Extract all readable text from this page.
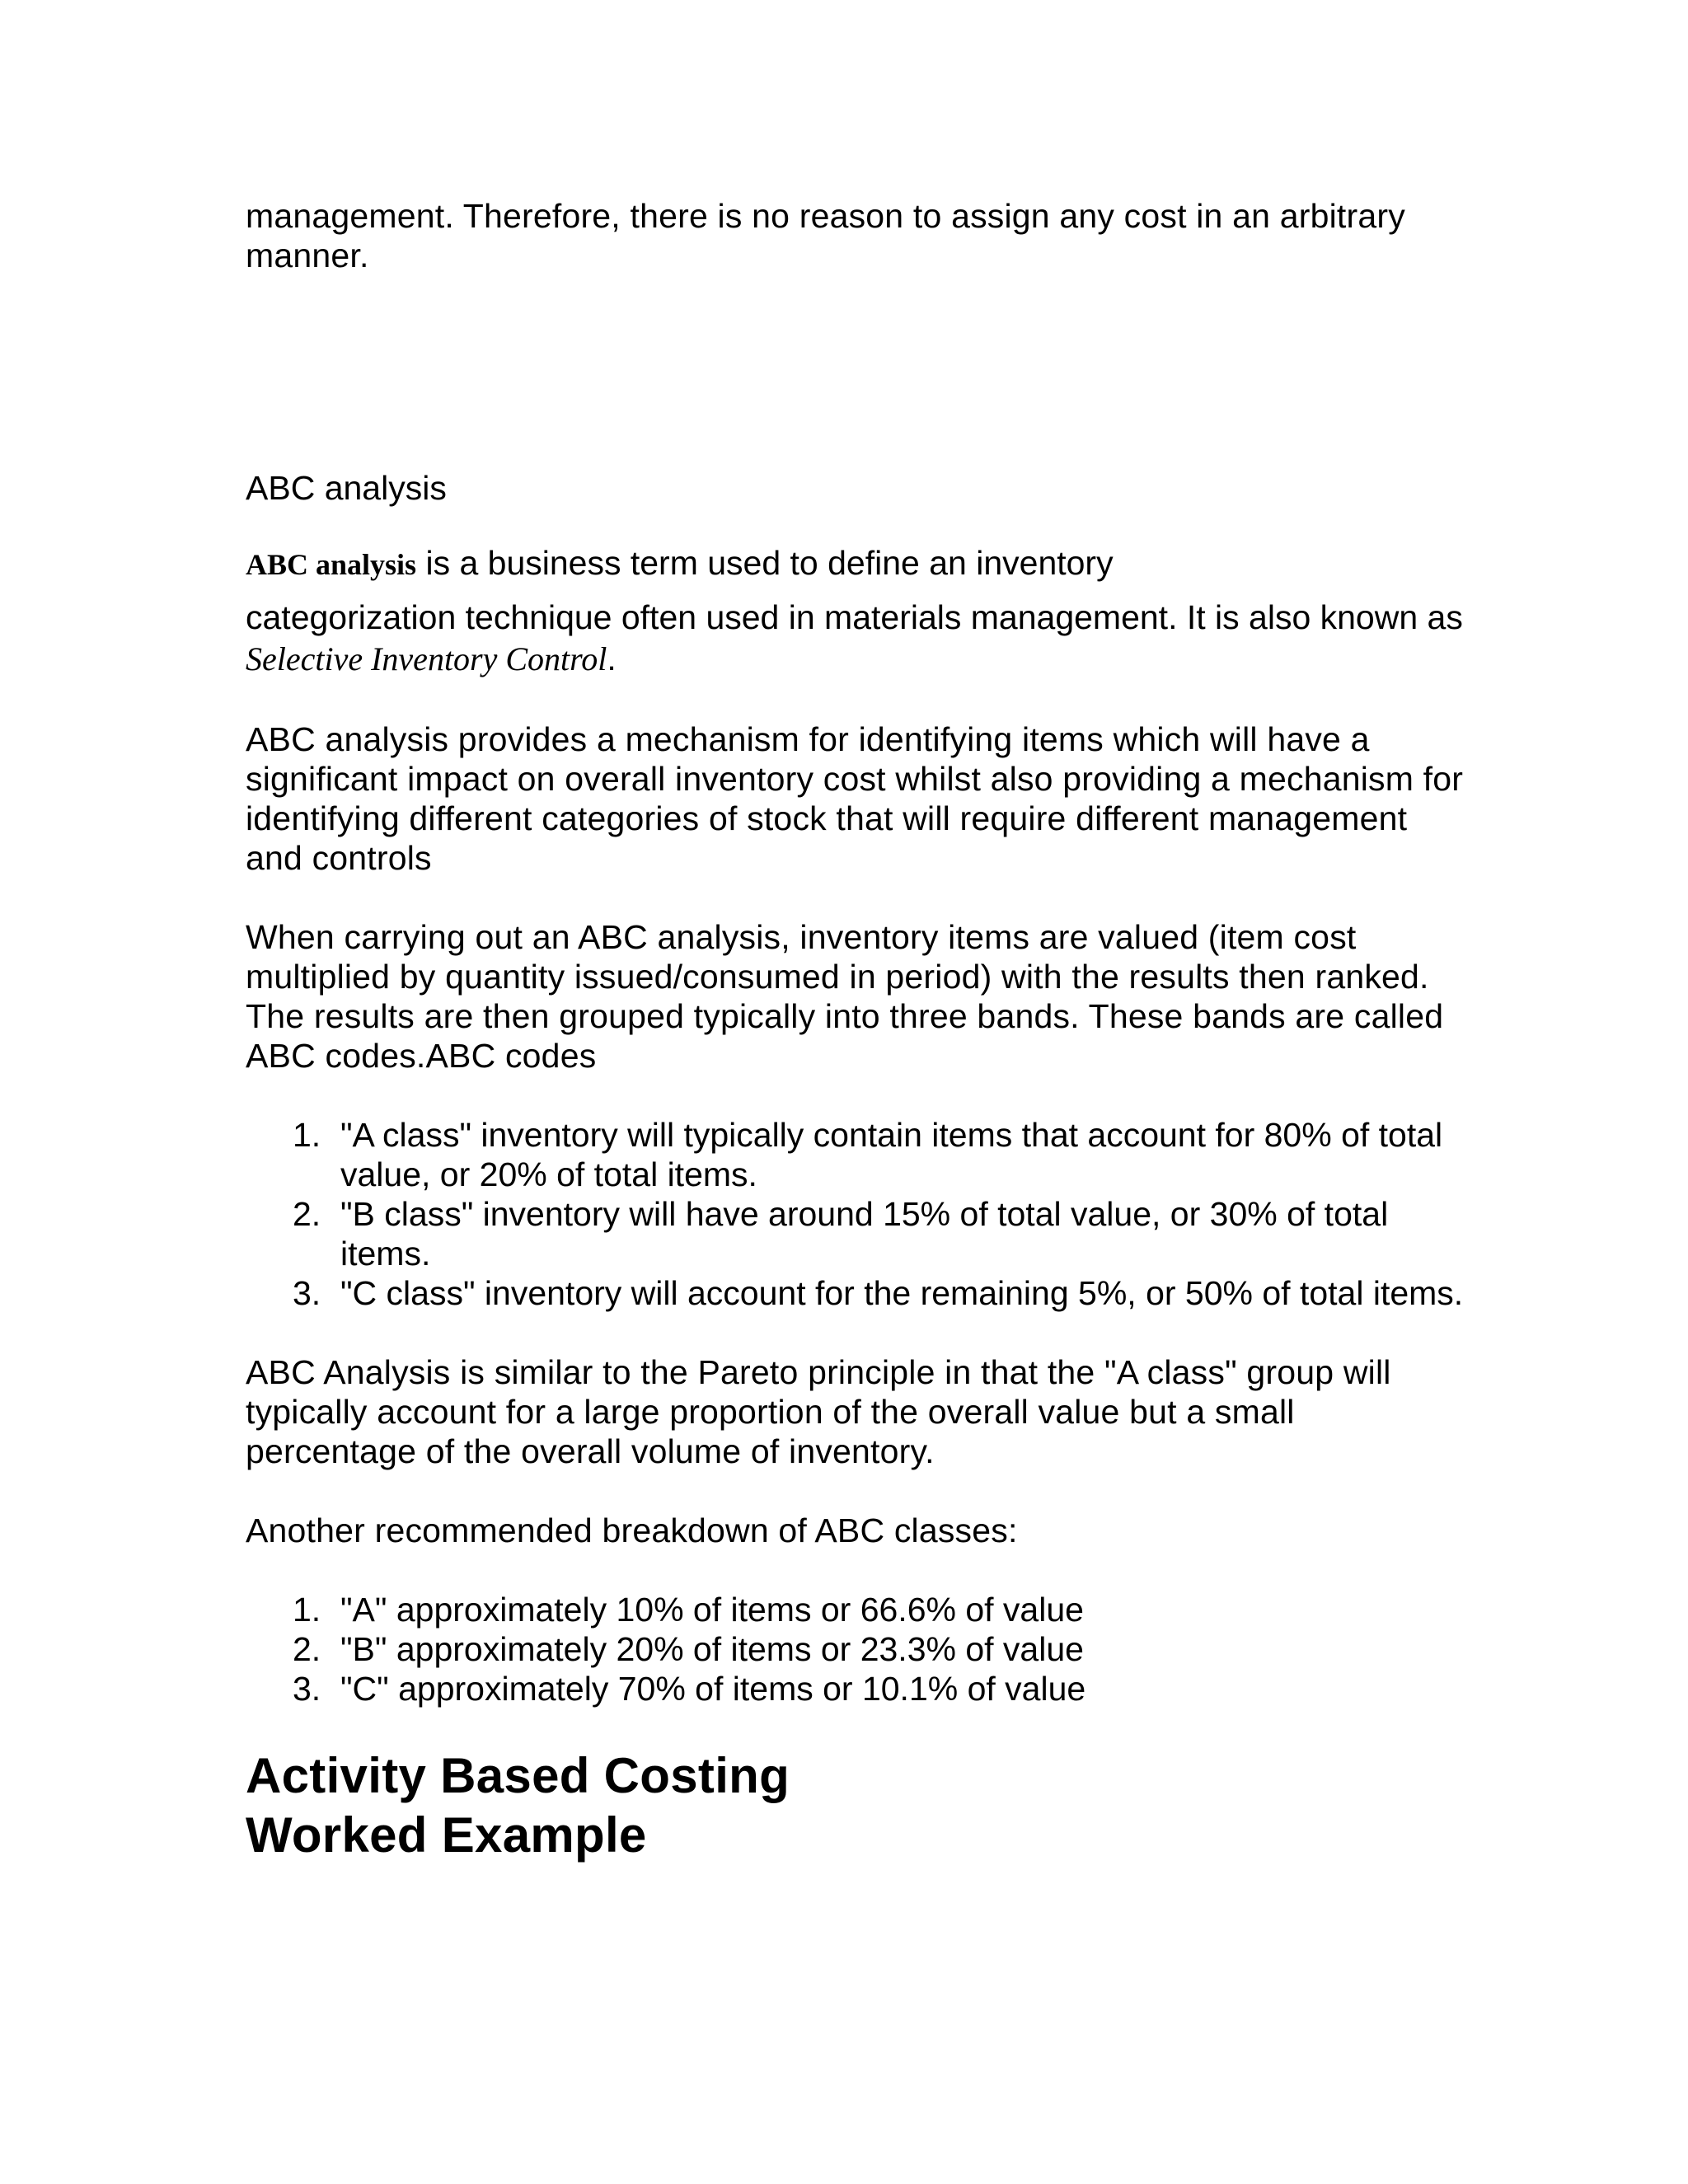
management. Therefore, there is no reason to assign any cost in an arbitrary manner.

ABC analysis

ABC analysis is a business term used to define an inventory
categorization technique often used in materials management. It is also known as Selective Inventory Control.

ABC analysis provides a mechanism for identifying items which will have a significant impact on overall inventory cost whilst also providing a mechanism for identifying different categories of stock that will require different management and controls

When carrying out an ABC analysis, inventory items are valued (item cost multiplied by quantity issued/consumed in period) with the results then ranked. The results are then grouped typically into three bands. These bands are called ABC codes.ABC codes

1. "A class" inventory will typically contain items that account for 80% of total value, or 20% of total items.
2. "B class" inventory will have around 15% of total value, or 30% of total items.
3. "C class" inventory will account for the remaining 5%, or 50% of total items.

ABC Analysis is similar to the Pareto principle in that the "A class" group will typically account for a large proportion of the overall value but a small percentage of the overall volume of inventory.

Another recommended breakdown of ABC classes:

1. "A" approximately 10% of items or 66.6% of value
2. "B" approximately 20% of items or 23.3% of value
3. "C" approximately 70% of items or 10.1% of value
Activity Based Costing
Worked Example
